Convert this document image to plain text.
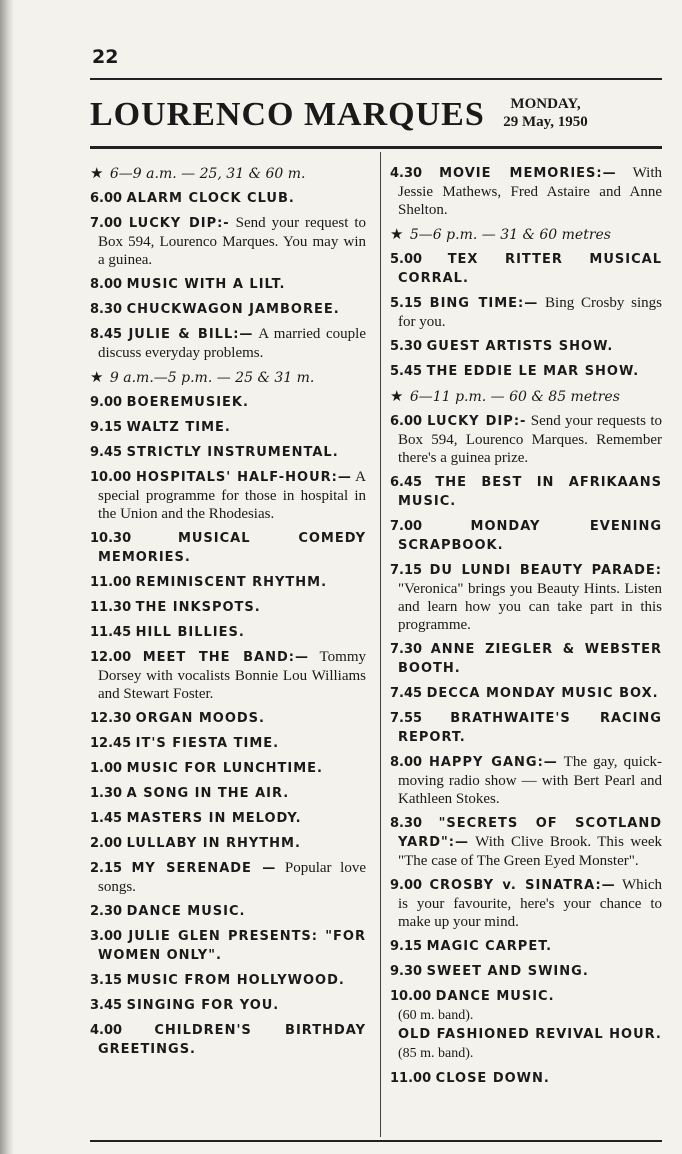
22
LOURENCO MARQUES	MONDAY,
29 May, 1950
★ 6—9 a.m. — 25, 31 & 60 m.
6.00 ALARM CLOCK CLUB.
7.00 LUCKY DIP:- Send your request to Box 594, Lourenco Marques. You may win a guinea.
8.00 MUSIC WITH A LILT.
8.30 CHUCKWAGON JAMBOREE.
8.45 JULIE & BILL:— A married couple discuss everyday problems.
★ 9 a.m.—5 p.m. — 25 & 31 m.
9.00 BOEREMUSIEK.
9.15 WALTZ TIME.
9.45 STRICTLY INSTRUMENTAL.
10.00 HOSPITALS' HALF-HOUR:— A special programme for those in hospital in the Union and the Rhodesias.
10.30 MUSICAL COMEDY MEMORIES.
11.00 REMINISCENT RHYTHM.
11.30 THE INKSPOTS.
11.45 HILL BILLIES.
12.00 MEET THE BAND:— Tommy Dorsey with vocalists Bonnie Lou Williams and Stewart Foster.
12.30 ORGAN MOODS.
12.45 IT'S FIESTA TIME.
1.00 MUSIC FOR LUNCHTIME.
1.30 A SONG IN THE AIR.
1.45 MASTERS IN MELODY.
2.00 LULLABY IN RHYTHM.
2.15 MY SERENADE — Popular love songs.
2.30 DANCE MUSIC.
3.00 JULIE GLEN PRESENTS: "FOR WOMEN ONLY".
3.15 MUSIC FROM HOLLYWOOD.
3.45 SINGING FOR YOU.
4.00 CHILDREN'S BIRTHDAY GREETINGS.
4.30 MOVIE MEMORIES:— With Jessie Mathews, Fred Astaire and Anne Shelton.
★ 5—6 p.m. — 31 & 60 metres
5.00 TEX RITTER MUSICAL CORRAL.
5.15 BING TIME:— Bing Crosby sings for you.
5.30 GUEST ARTISTS SHOW.
5.45 THE EDDIE LE MAR SHOW.
★ 6—11 p.m. — 60 & 85 metres
6.00 LUCKY DIP:- Send your requests to Box 594, Lourenco Marques. Remember there's a guinea prize.
6.45 THE BEST IN AFRIKAANS MUSIC.
7.00 MONDAY EVENING SCRAPBOOK.
7.15 DU LUNDI BEAUTY PARADE: "Veronica" brings you Beauty Hints. Listen and learn how you can take part in this programme.
7.30 ANNE ZIEGLER & WEBSTER BOOTH.
7.45 DECCA MONDAY MUSIC BOX.
7.55 BRATHWAITE'S RACING REPORT.
8.00 HAPPY GANG:— The gay, quick-moving radio show — with Bert Pearl and Kathleen Stokes.
8.30 "SECRETS OF SCOTLAND YARD":— With Clive Brook. This week "The case of The Green Eyed Monster".
9.00 CROSBY v. SINATRA:— Which is your favourite, here's your chance to make up your mind.
9.15 MAGIC CARPET.
9.30 SWEET AND SWING.
10.00 DANCE MUSIC.
(60 m. band).
OLD FASHIONED REVIVAL HOUR.
(85 m. band).
11.00 CLOSE DOWN.
